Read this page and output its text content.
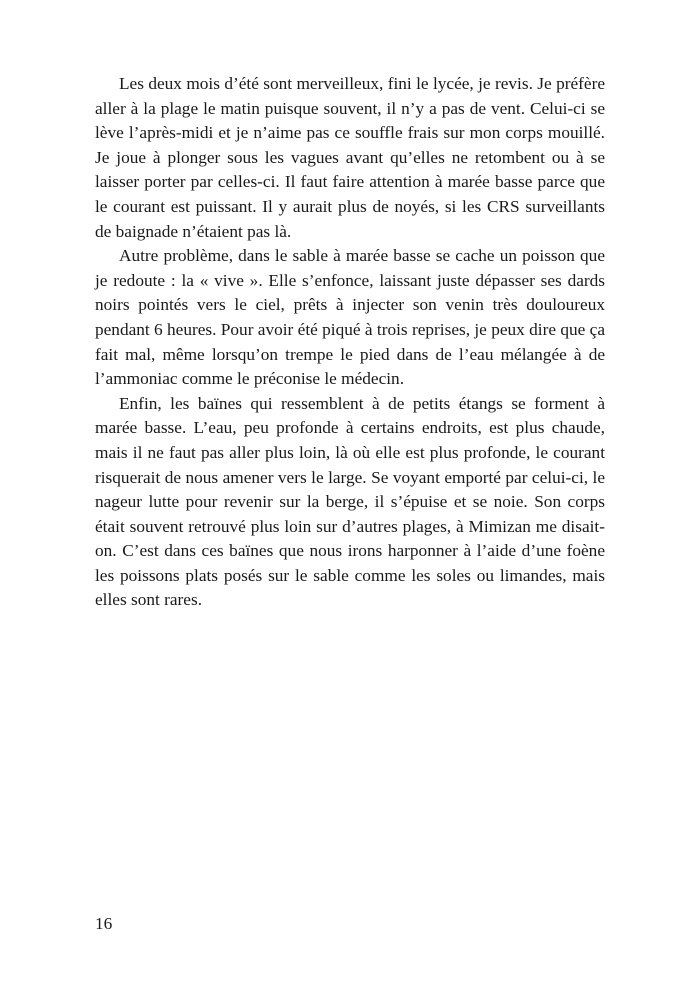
Les deux mois d’été sont merveilleux, fini le lycée, je revis. Je préfère aller à la plage le matin puisque souvent, il n’y a pas de vent. Celui-ci se lève l’après-midi et je n’aime pas ce souffle frais sur mon corps mouillé. Je joue à plonger sous les vagues avant qu’elles ne retombent ou à se laisser porter par celles-ci. Il faut faire attention à marée basse parce que le courant est puissant. Il y aurait plus de noyés, si les CRS surveillants de baignade n’étaient pas là.

Autre problème, dans le sable à marée basse se cache un poisson que je redoute : la « vive ». Elle s’enfonce, laissant juste dépasser ses dards noirs pointés vers le ciel, prêts à injecter son venin très douloureux pendant 6 heures. Pour avoir été piqué à trois reprises, je peux dire que ça fait mal, même lorsqu’on trempe le pied dans de l’eau mélangée à de l’ammoniac comme le préconise le médecin.

Enfin, les baïnes qui ressemblent à de petits étangs se forment à marée basse. L’eau, peu profonde à certains endroits, est plus chaude, mais il ne faut pas aller plus loin, là où elle est plus profonde, le courant risquerait de nous amener vers le large. Se voyant emporté par celui-ci, le nageur lutte pour revenir sur la berge, il s’épuise et se noie. Son corps était souvent retrouvé plus loin sur d’autres plages, à Mimizan me disait-on. C’est dans ces baïnes que nous irons harponner à l’aide d’une foène les poissons plats posés sur le sable comme les soles ou limandes, mais elles sont rares.

16
